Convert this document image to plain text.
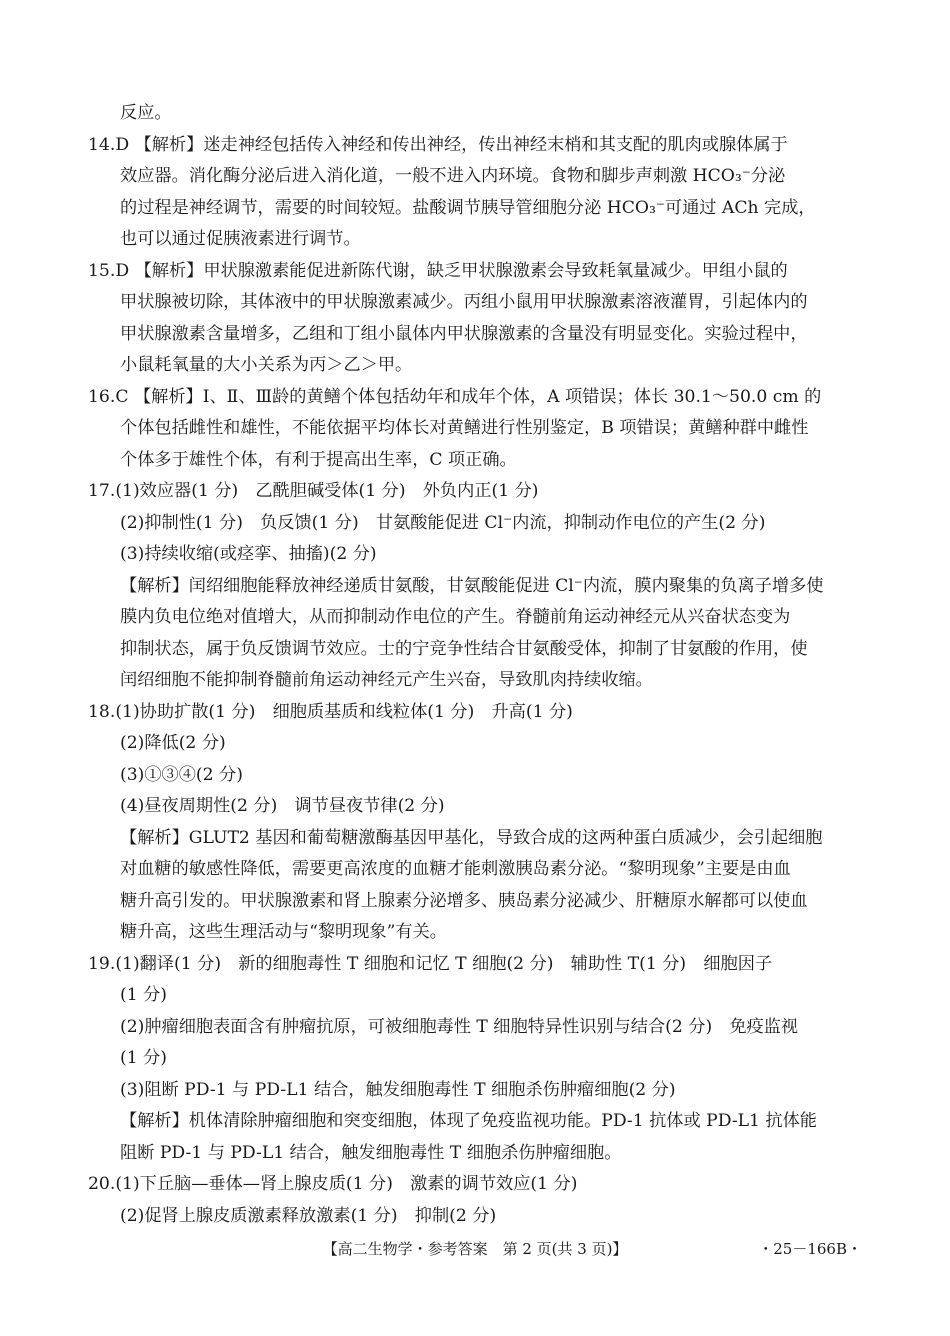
反应。

14.D 【解析】迷走神经包括传入神经和传出神经，传出神经末梢和其支配的肌肉或腺体属于

效应器。消化酶分泌后进入消化道，一般不进入内环境。食物和脚步声刺激 HCO₃⁻分泌

的过程是神经调节，需要的时间较短。盐酸调节胰导管细胞分泌 HCO₃⁻可通过 ACh 完成，

也可以通过促胰液素进行调节。

15.D 【解析】甲状腺激素能促进新陈代谢，缺乏甲状腺激素会导致耗氧量减少。甲组小鼠的

甲状腺被切除，其体液中的甲状腺激素减少。丙组小鼠用甲状腺激素溶液灌胃，引起体内的

甲状腺激素含量增多，乙组和丁组小鼠体内甲状腺激素的含量没有明显变化。实验过程中，

小鼠耗氧量的大小关系为丙＞乙＞甲。

16.C 【解析】Ⅰ、Ⅱ、Ⅲ龄的黄鳝个体包括幼年和成年个体，A 项错误；体长 30.1～50.0 cm 的

个体包括雌性和雄性，不能依据平均体长对黄鳝进行性别鉴定，B 项错误；黄鳝种群中雌性

个体多于雄性个体，有利于提高出生率，C 项正确。

17.(1)效应器(1 分)　乙酰胆碱受体(1 分)　外负内正(1 分)

(2)抑制性(1 分)　负反馈(1 分)　甘氨酸能促进 Cl⁻内流，抑制动作电位的产生(2 分)

(3)持续收缩(或痉挛、抽搐)(2 分)

【解析】闰绍细胞能释放神经递质甘氨酸，甘氨酸能促进 Cl⁻内流，膜内聚集的负离子增多使

膜内负电位绝对值增大，从而抑制动作电位的产生。脊髓前角运动神经元从兴奋状态变为

抑制状态，属于负反馈调节效应。士的宁竞争性结合甘氨酸受体，抑制了甘氨酸的作用，使

闰绍细胞不能抑制脊髓前角运动神经元产生兴奋，导致肌肉持续收缩。

18.(1)协助扩散(1 分)　细胞质基质和线粒体(1 分)　升高(1 分)

(2)降低(2 分)

(3)①③④(2 分)

(4)昼夜周期性(2 分)　调节昼夜节律(2 分)

【解析】GLUT2 基因和葡萄糖激酶基因甲基化，导致合成的这两种蛋白质减少，会引起细胞

对血糖的敏感性降低，需要更高浓度的血糖才能刺激胰岛素分泌。“黎明现象”主要是由血

糖升高引发的。甲状腺激素和肾上腺素分泌增多、胰岛素分泌减少、肝糖原水解都可以使血

糖升高，这些生理活动与“黎明现象”有关。

19.(1)翻译(1 分)　新的细胞毒性 T 细胞和记忆 T 细胞(2 分)　辅助性 T(1 分)　细胞因子

(1 分)

(2)肿瘤细胞表面含有肿瘤抗原，可被细胞毒性 T 细胞特异性识别与结合(2 分)　免疫监视

(1 分)

(3)阻断 PD-1 与 PD-L1 结合，触发细胞毒性 T 细胞杀伤肿瘤细胞(2 分)

【解析】机体清除肿瘤细胞和突变细胞，体现了免疫监视功能。PD-1 抗体或 PD-L1 抗体能

阻断 PD-1 与 PD-L1 结合，触发细胞毒性 T 细胞杀伤肿瘤细胞。

20.(1)下丘脑—垂体—肾上腺皮质(1 分)　激素的调节效应(1 分)

(2)促肾上腺皮质激素释放激素(1 分)　抑制(2 分)

【高二生物学・参考答案　第 2 页(共 3 页)】	・25－166B・
